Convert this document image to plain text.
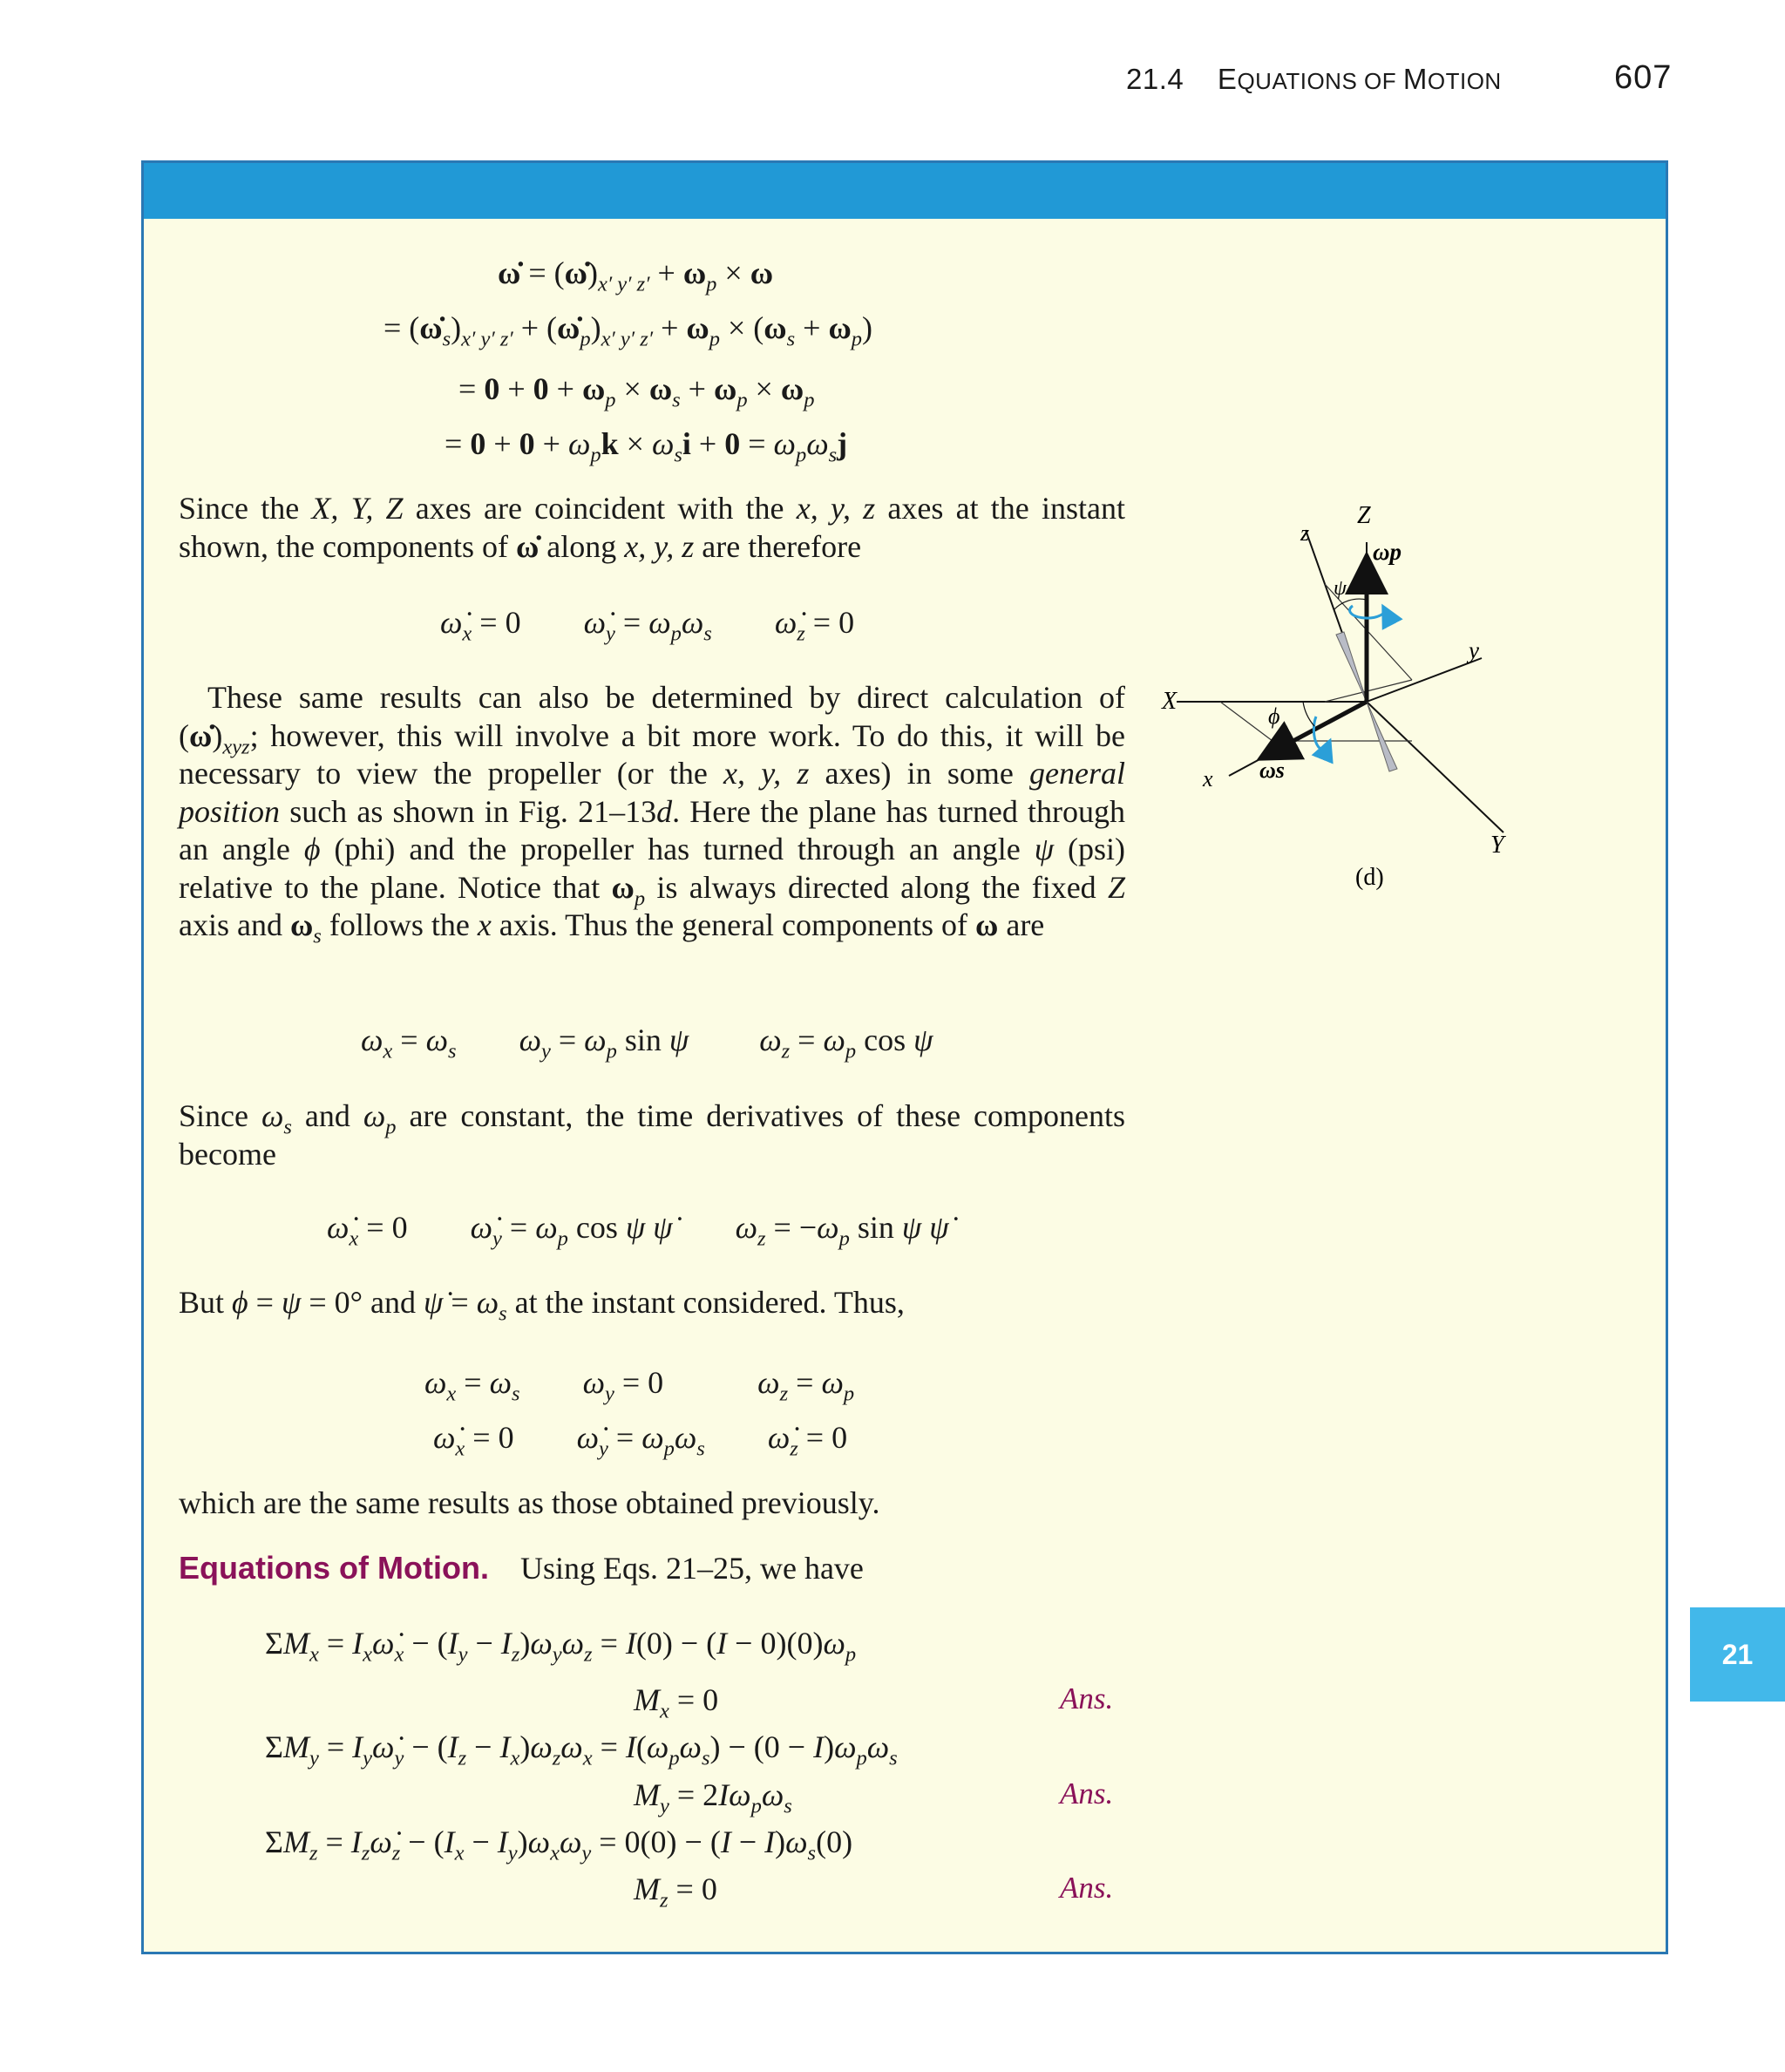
21.4 EQUATIONS OF MOTION	607
ω̇ = $(\omegȧ)_{x' y' z'} + \omega_p \times \omega$
= $(\omegȧ_s)_{x' y' z'}$ + $(\omegȧ_p)_{x' y' z'} + \omega_p \times (\omega_s + \omega_p)$
= $0 + 0 + \omega_p \times \omega_s + \omega_p \times \omega_p$
= $0 + 0 + \omega_pk \times \omega_si + 0 = \omega_p\omega_sj$
Since the X, Y, Z axes are coincident with the x, y, z axes at the instant shown, the components of ω̇ along x, y, z are therefore
$\omegȧ_x = 0$        $\omegȧ_y = \omega_p\omega_s$ $\omegȧ_z = 0$
These same results can also be determined by direct calculation of $(\omegȧ)_{xyz}$; however, this will involve a bit more work. To do this, it will be necessary to view the propeller (or the x, y, z axes) in some general position such as shown in Fig. 21–13d. Here the plane has turned through an angle ϕ (phi) and the propeller has turned through an angle ψ (psi) relative to the plane. Notice that $\omega_p$ is always directed along the fixed Z axis and $\omega_s$ follows the x axis. Thus the general components of ω are
$\omega_x = \omega_s$ $\omega_y = \omega_p$ sin ψ $\omega_z = \omega_p$ cos ψ
Since $\omega_s$ and $\omega_p$ are constant, the time derivatives of these components become
$\omegȧ_x = 0$        $\omegȧ_y = \omega_p$ cos ψ ψ̇ $\omega_z = -\omega_p$ sin ψ ψ̇
But ϕ = ψ = 0° and ψ̇ = $\omega_s$ at the instant considered. Thus,
$\omega_x = \omega_s$ $\omega_y = 0$            $\omega_z = \omega_p$
$\omegȧ_x = 0$        $\omegȧ_y = \omega_p\omega_s$ $\omegȧ_z = 0$
which are the same results as those obtained previously.
Equations of Motion. Using Eqs. 21–25, we have
$\Sigma M_x$ = $I_x\omegȧ_x - (I_y - I_z)\omega_y\omega_z = I(0) - (I - 0)(0)\omega_p$
$M_x = 0$	Ans.
$\Sigma M_y$ = $I_y\omegȧ_y - (I_z - I_x)\omega_z\omega_x = I(\omega_p\omega_s) - (0 - I)\omega_p\omega_s$
$M_y = 2I\omega_p\omega_s$	Ans.
$\Sigma M_z$ = $I_z\omegȧ_z - (I_x - I_y)\omega_x\omega_y = 0(0) - (I - I)\omega_s(0)$
$M_z = 0$	Ans.
Z
z
ωp
ψ
y
X
ϕ
x ωs
Y
(d)
21
